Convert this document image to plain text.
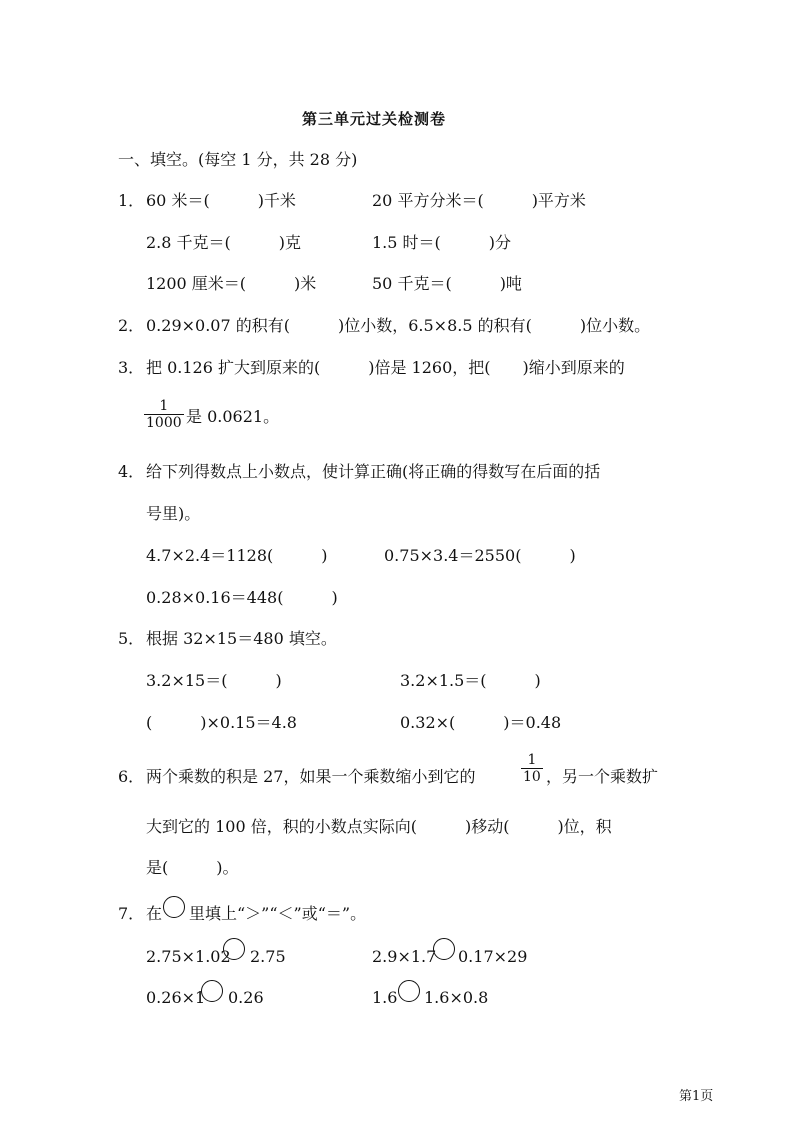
第三单元过关检测卷
一、填空。(每空 1 分，共 28 分)
1． 60 米＝(　　　)千米	20 平方分米＝(　　　)平方米
2.8 千克＝(　　　)克	1.5 时＝(　　　)分
1200 厘米＝(　　　)米	50 千克＝(　　　)吨
2． 0.29×0.07 的积有(　　　)位小数，6.5×8.5 的积有(　　　)位小数。
3． 把 0.126 扩大到原来的(　　　)倍是 1260，把(　　)缩小到原来的
1
1000 是 0.0621。
4． 给下列得数点上小数点，使计算正确(将正确的得数写在后面的括
号里)。
4.7×2.4＝1128(　　　)	0.75×3.4＝2550(　　　)
0.28×0.16＝448(　　　)
5． 根据 32×15＝480 填空。
3.2×15＝(　　　)	3.2×1.5＝(　　　)
(　　　)×0.15＝4.8	0.32×(　　　)＝0.48
6． 两个乘数的积是 27，如果一个乘数缩小到它的
1
10 ，另一个乘数扩
大到它的 100 倍，积的小数点实际向(　　　)移动(　　　)位，积
是(　　　)。
7． 在 里填上“＞”“＜”或“＝”。
2.75×1.02 2.75	2.9×1.7 0.17×29
0.26×1 0.26	1.6 1.6×0.8
第1页
